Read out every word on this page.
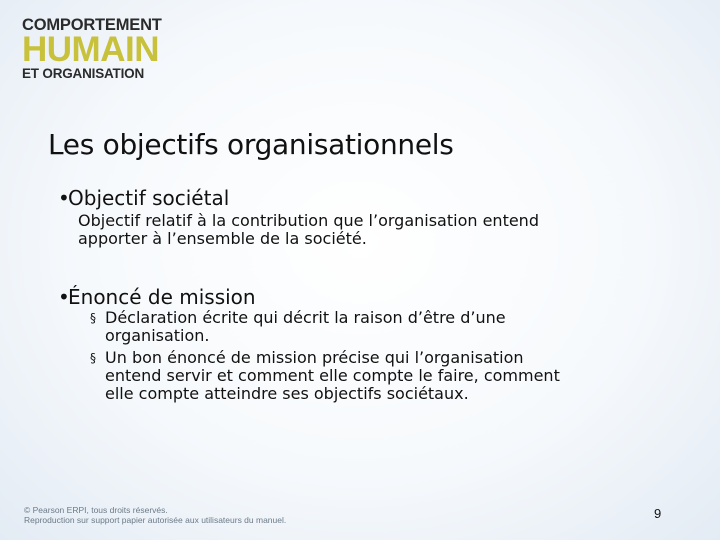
COMPORTEMENT
HUMAIN
ET ORGANISATION
Les objectifs organisationnels
•
Objectif sociétal
Objectif relatif à la contribution que l’organisation entend
apporter à l’ensemble de la société.
•
Énoncé de mission
§ Déclaration écrite qui décrit la raison d’être d’une
organisation.
§ Un bon énoncé de mission précise qui l’organisation
entend servir et comment elle compte le faire, comment
elle compte atteindre ses objectifs sociétaux.
© Pearson ERPI, tous droits réservés.
Reproduction sur support papier autorisée aux utilisateurs du manuel.	9
